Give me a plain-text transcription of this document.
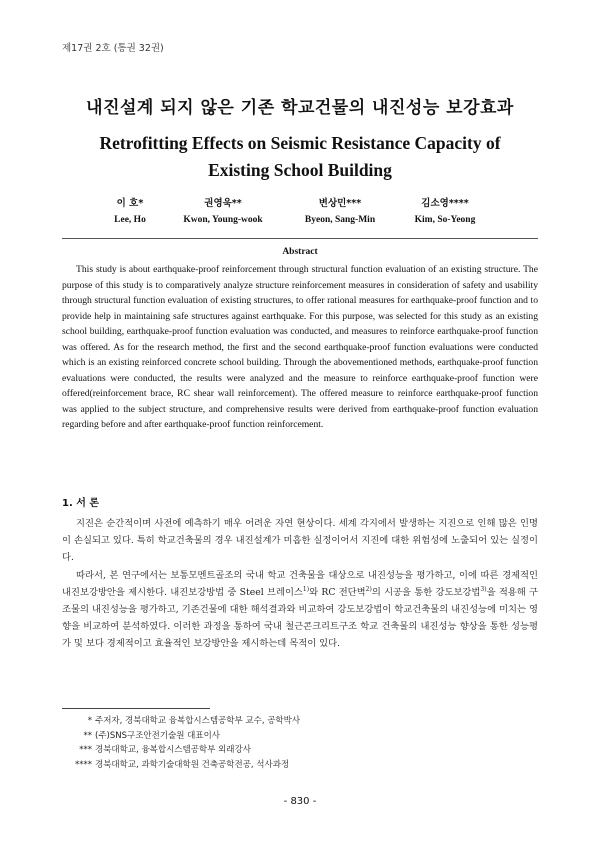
제17권 2호 (통권 32권)
내진설계 되지 않은 기존 학교건물의 내진성능 보강효과
Retrofitting Effects on Seismic Resistance Capacity of
Existing School Building
이 호*
Lee, Ho
권영욱**
Kwon, Young-wook
변상민***
Byeon, Sang-Min
김소영****
Kim, So-Yeong
Abstract
This study is about earthquake-proof reinforcement through structural function evaluation of an existing structure. The purpose of this study is to comparatively analyze structure reinforcement measures in consideration of safety and usability through structural function evaluation of existing structures, to offer rational measures for earthquake-proof function and to provide help in maintaining safe structures against earthquake. For this purpose, was selected for this study as an existing school building, earthquake-proof function evaluation was conducted, and measures to reinforce earthquake-proof function was offered. As for the research method, the first and the second earthquake-proof function evaluations were conducted which is an existing reinforced concrete school building. Through the abovementioned methods, earthquake-proof function evaluations were conducted, the results were analyzed and the measure to reinforce earthquake-proof function were offered(reinforcement brace, RC shear wall reinforcement). The offered measure to reinforce earthquake-proof function was applied to the subject structure, and comprehensive results were derived from earthquake-proof function evaluation regarding before and after earthquake-proof function reinforcement.
1. 서 론

지진은 순간적이며 사전에 예측하기 매우 어려운 자연 현상이다. 세계 각지에서 발생하는 지진으로 인해 많은 인명이 손실되고 있다. 특히 학교건축물의 경우 내진설계가 미흡한 실정이어서 지진에 대한 위험성에 노출되어 있는 실정이다.

따라서, 본 연구에서는 보통모멘트골조의 국내 학교 건축물을 대상으로 내진성능을 평가하고, 이에 따른 경제적인 내진보강방안을 제시한다. 내진보강방법 중 Steel 브레이스$^{1)}$와 RC 전단벽$^{2)}$의 시공을 통한 강도보강법$^{3)}$을 적용해 구조물의 내진성능을 평가하고, 기존건물에 대한 해석결과와 비교하여 강도보강법이 학교건축물의 내진성능에 미치는 영향을 비교하여 분석하였다. 이러한 과정을 통하여 국내 철근콘크리트구조 학교 건축물의 내진성능 향상을 통한 성능평가 및 보다 경제적이고 효율적인 보강방안을 제시하는데 목적이 있다.

* 주저자, 경북대학교 융복합시스템공학부 교수, 공학박사
** (주)SNS구조안전기술원 대표이사
*** 경북대학교, 융복합시스템공학부 외래강사
**** 경북대학교, 과학기술대학원 건축공학전공, 석사과정
- 830 -
